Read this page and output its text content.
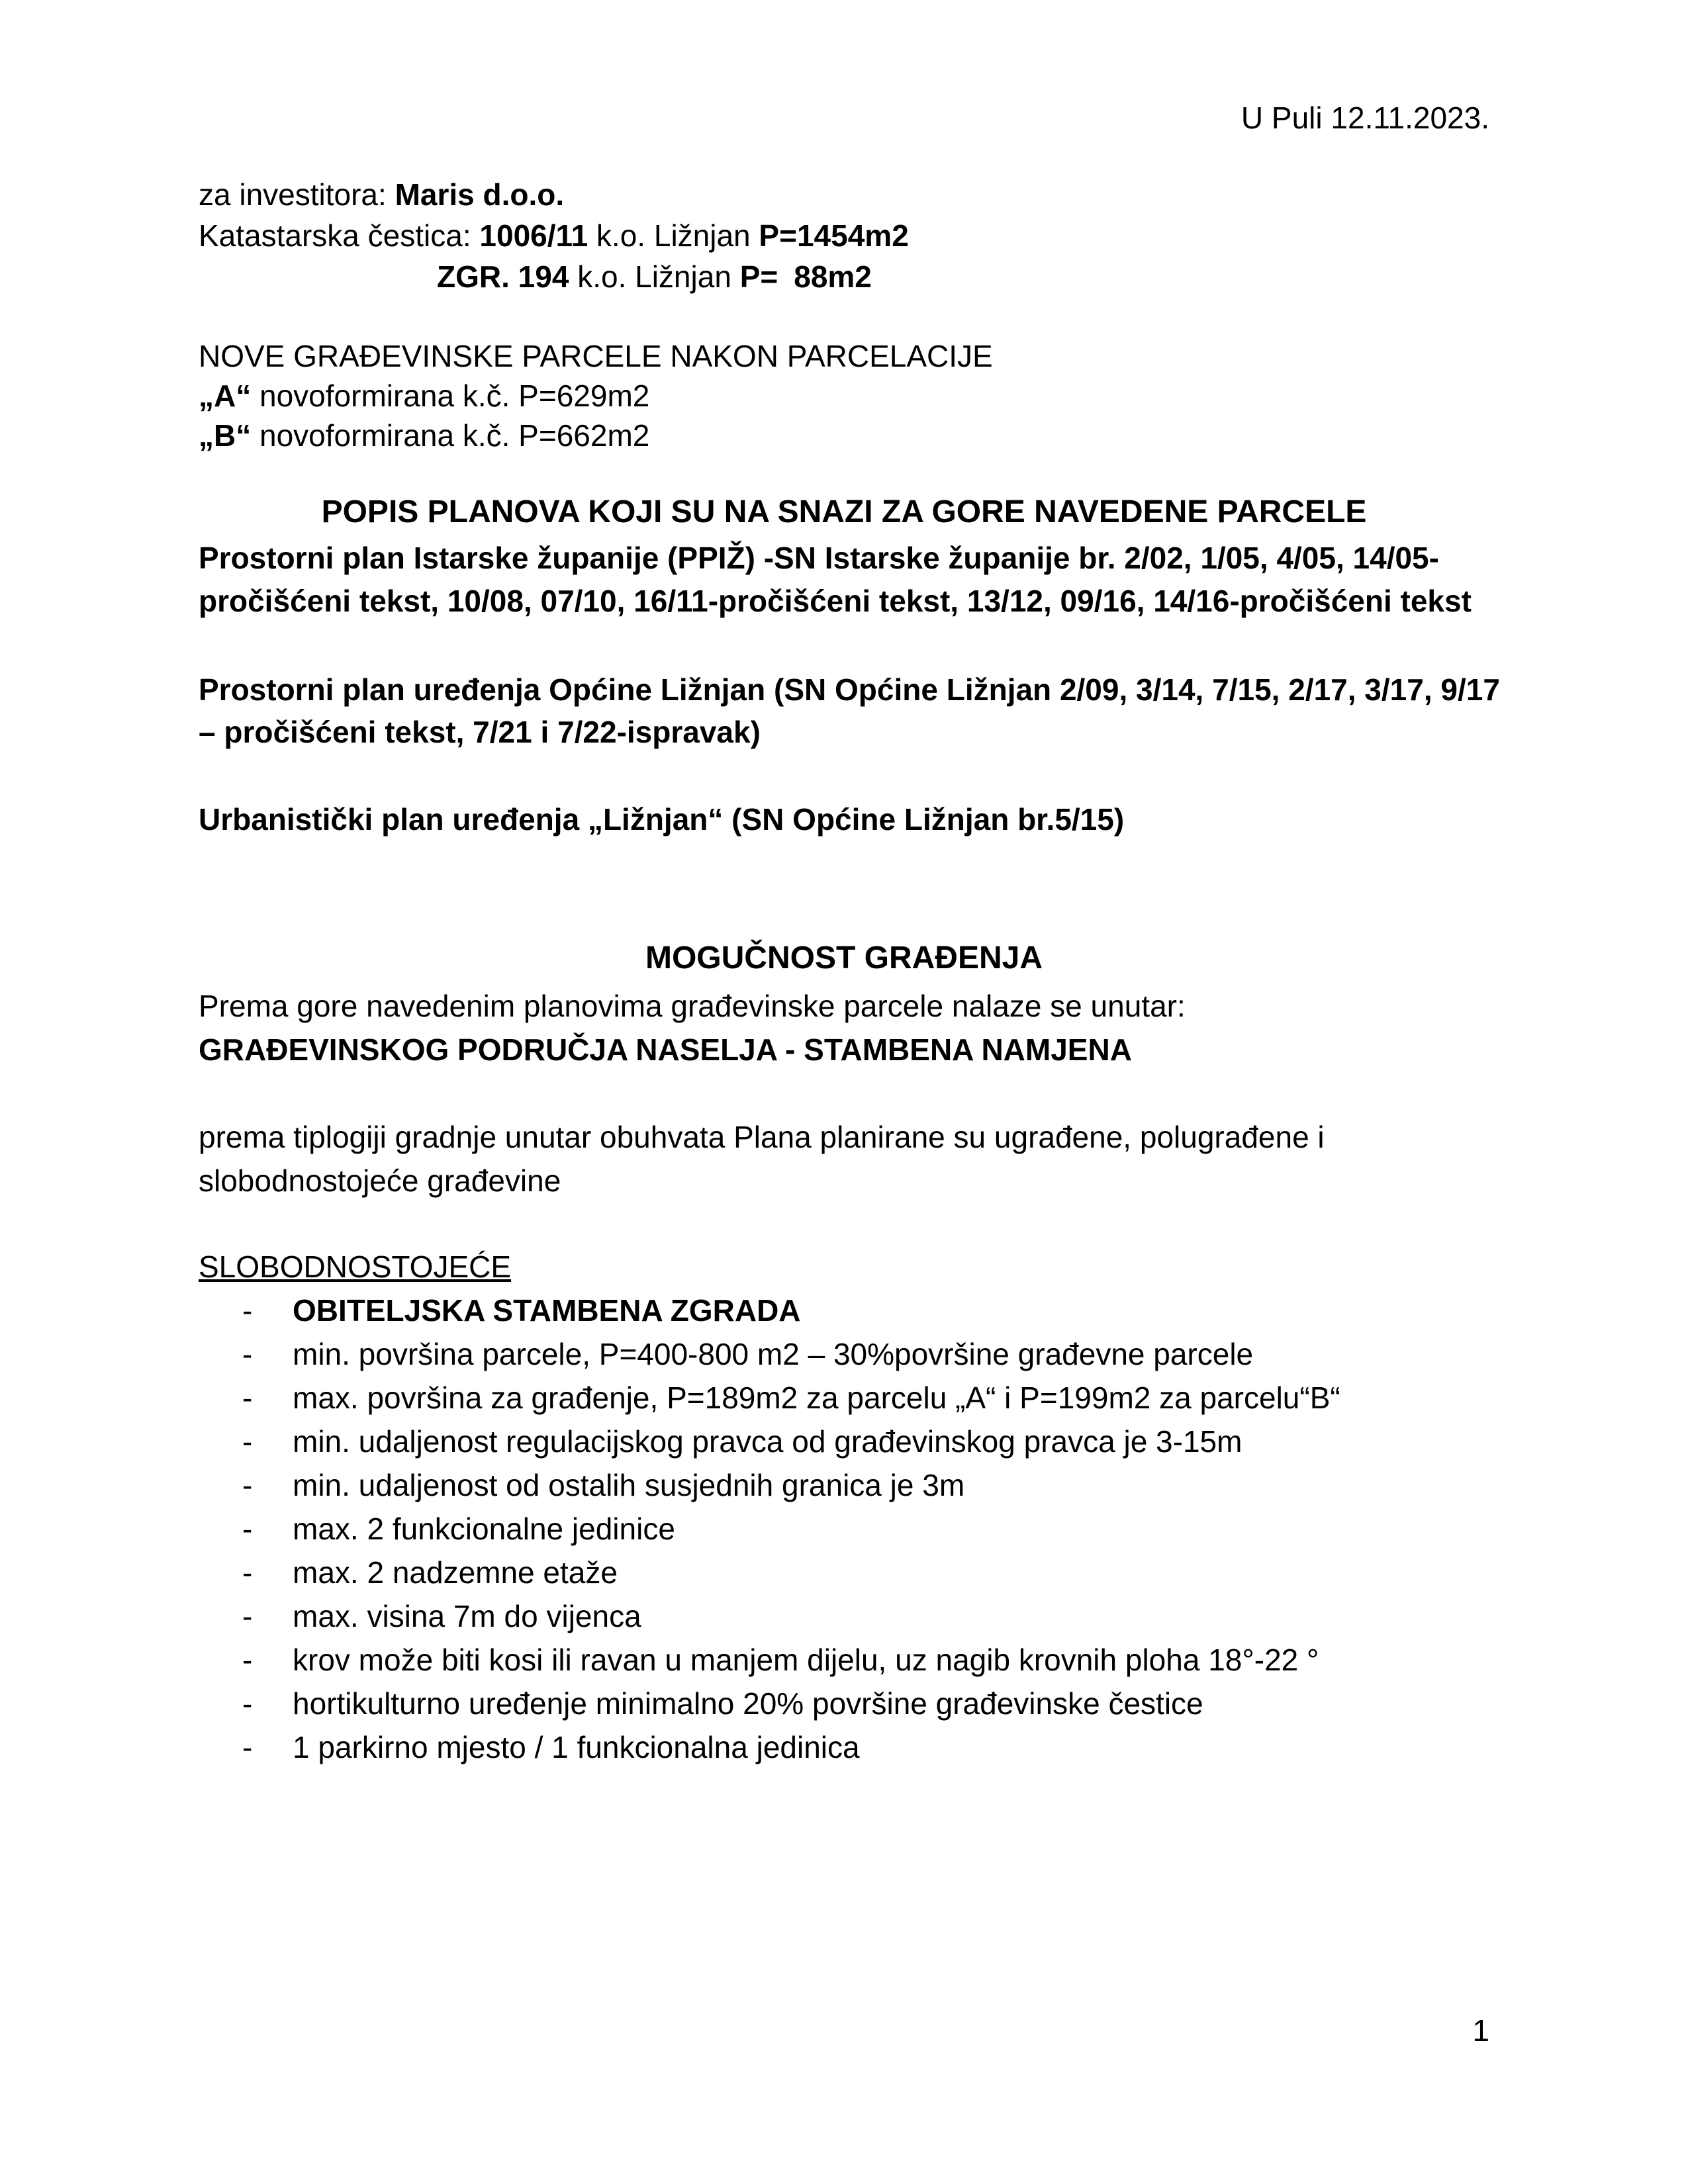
U Puli 12.11.2023.
za investitora: Maris d.o.o.
Katastarska čestica: 1006/11 k.o. Ližnjan P=1454m2
ZGR. 194 k.o. Ližnjan P= 88m2
NOVE GRAĐEVINSKE PARCELE NAKON PARCELACIJE
„A“ novoformirana k.č. P=629m2
„B“ novoformirana k.č. P=662m2
POPIS PLANOVA KOJI SU NA SNAZI ZA GORE NAVEDENE PARCELE
Prostorni plan Istarske županije (PPIŽ) -SN Istarske županije br. 2/02, 1/05, 4/05, 14/05-
pročišćeni tekst, 10/08, 07/10, 16/11-pročišćeni tekst, 13/12, 09/16, 14/16-pročišćeni tekst
Prostorni plan uređenja Općine Ližnjan (SN Općine Ližnjan 2/09, 3/14, 7/15, 2/17, 3/17, 9/17
– pročišćeni tekst, 7/21 i 7/22-ispravak)
Urbanistički plan uređenja „Ližnjan“ (SN Općine Ližnjan br.5/15)
MOGUČNOST GRAĐENJA
Prema gore navedenim planovima građevinske parcele nalaze se unutar:
GRAĐEVINSKOG PODRUČJA NASELJA - STAMBENA NAMJENA
prema tiplogiji gradnje unutar obuhvata Plana planirane su ugrađene, polugrađene i
slobodnostojeće građevine
SLOBODNOSTOJEĆE
- OBITELJSKA STAMBENA ZGRADA
- min. površina parcele, P=400-800 m2 – 30%površine građevne parcele
- max. površina za građenje, P=189m2 za parcelu „A“ i P=199m2 za parcelu“B“
- min. udaljenost regulacijskog pravca od građevinskog pravca je 3-15m
- min. udaljenost od ostalih susjednih granica je 3m
- max. 2 funkcionalne jedinice
- max. 2 nadzemne etaže
- max. visina 7m do vijenca
- krov može biti kosi ili ravan u manjem dijelu, uz nagib krovnih ploha 18°-22 °
- hortikulturno uređenje minimalno 20% površine građevinske čestice
- 1 parkirno mjesto / 1 funkcionalna jedinica
1
